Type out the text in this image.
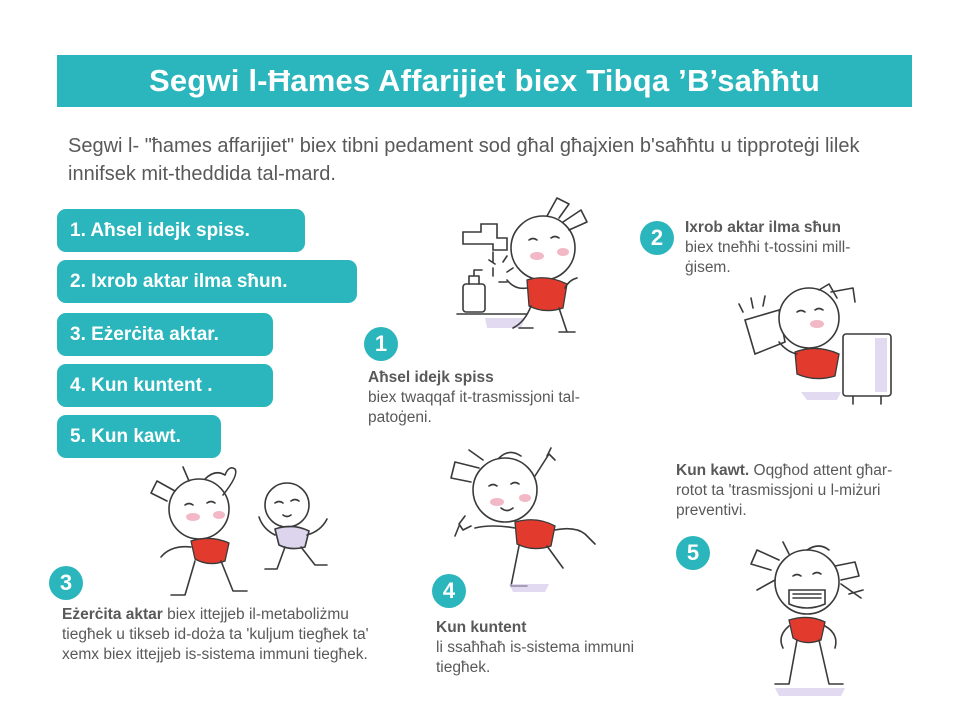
Segwi l-Ħames Affarijiet biex Tibqa ’B’saħħtu
Segwi l- "ħames affarijiet" biex tibni pedament sod għal għajxien b'saħħtu u tipproteġi lilek innifsek mit-theddida tal-mard.
1. Aħsel idejk spiss.
2. Ixrob aktar ilma sħun.
3. Eżerċita aktar.
4. Kun kuntent .
5. Kun kawt.
1
Aħsel idejk spiss
biex twaqqaf it-trasmissjoni tal-patoġeni.
2	Ixrob aktar ilma sħun
biex tneħħi t-tossini mill-ġisem.
3
Eżerċita aktar biex ittejjeb il-metaboliżmu tiegħek u tikseb id-doża ta 'kuljum tiegħek ta' xemx biex ittejjeb is-sistema immuni tiegħek.
4
Kun kuntent
li ssaħħaħ is-sistema immuni tiegħek.
5
Kun kawt. Oqgħod attent għar-rotot ta 'trasmissjoni u l-miżuri preventivi.
